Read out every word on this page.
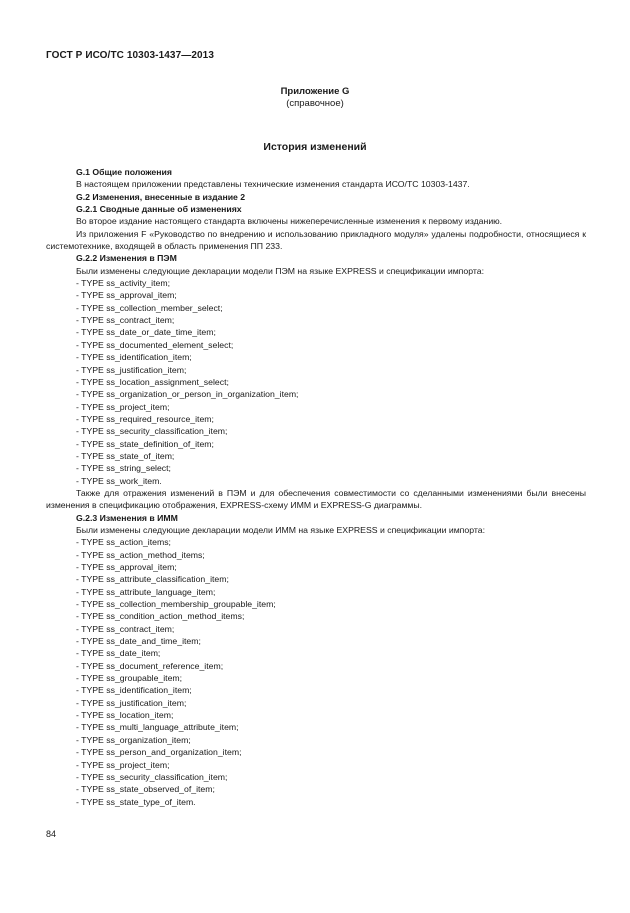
ГОСТ Р ИСО/ТС 10303-1437—2013
Приложение G
(справочное)
История изменений

G.1 Общие положения

В настоящем приложении представлены технические изменения стандарта ИСО/ТС 10303-1437.

G.2 Изменения, внесенные в издание 2

G.2.1 Сводные данные об изменениях

Во второе издание настоящего стандарта включены нижеперечисленные изменения к первому изданию.

Из приложения F «Руководство по внедрению и использованию прикладного модуля» удалены подробности, относящиеся к системотехнике, входящей в область применения ПП 233.

G.2.2 Изменения в ПЭМ

Были изменены следующие декларации модели ПЭМ на языке EXPRESS и спецификации импорта:

- TYPE ss_activity_item;

- TYPE ss_approval_item;

- TYPE ss_collection_member_select;

- TYPE ss_contract_item;

- TYPE ss_date_or_date_time_item;

- TYPE ss_documented_element_select;

- TYPE ss_identification_item;

- TYPE ss_justification_item;

- TYPE ss_location_assignment_select;

- TYPE ss_organization_or_person_in_organization_item;

- TYPE ss_project_item;

- TYPE ss_required_resource_item;

- TYPE ss_security_classification_item;

- TYPE ss_state_definition_of_item;

- TYPE ss_state_of_item;

- TYPE ss_string_select;

- TYPE ss_work_item.

Также для отражения изменений в ПЭМ и для обеспечения совместимости со сделанными изменениями были внесены изменения в спецификацию отображения, EXPRESS-схему ИММ и EXPRESS-G диаграммы.

G.2.3 Изменения в ИММ

Были изменены следующие декларации модели ИММ на языке EXPRESS и спецификации импорта:

- TYPE ss_action_items;

- TYPE ss_action_method_items;

- TYPE ss_approval_item;

- TYPE ss_attribute_classification_item;

- TYPE ss_attribute_language_item;

- TYPE ss_collection_membership_groupable_item;

- TYPE ss_condition_action_method_items;

- TYPE ss_contract_item;

- TYPE ss_date_and_time_item;

- TYPE ss_date_item;

- TYPE ss_document_reference_item;

- TYPE ss_groupable_item;

- TYPE ss_identification_item;

- TYPE ss_justification_item;

- TYPE ss_location_item;

- TYPE ss_multi_language_attribute_item;

- TYPE ss_organization_item;

- TYPE ss_person_and_organization_item;

- TYPE ss_project_item;

- TYPE ss_security_classification_item;

- TYPE ss_state_observed_of_item;

- TYPE ss_state_type_of_item.

84
